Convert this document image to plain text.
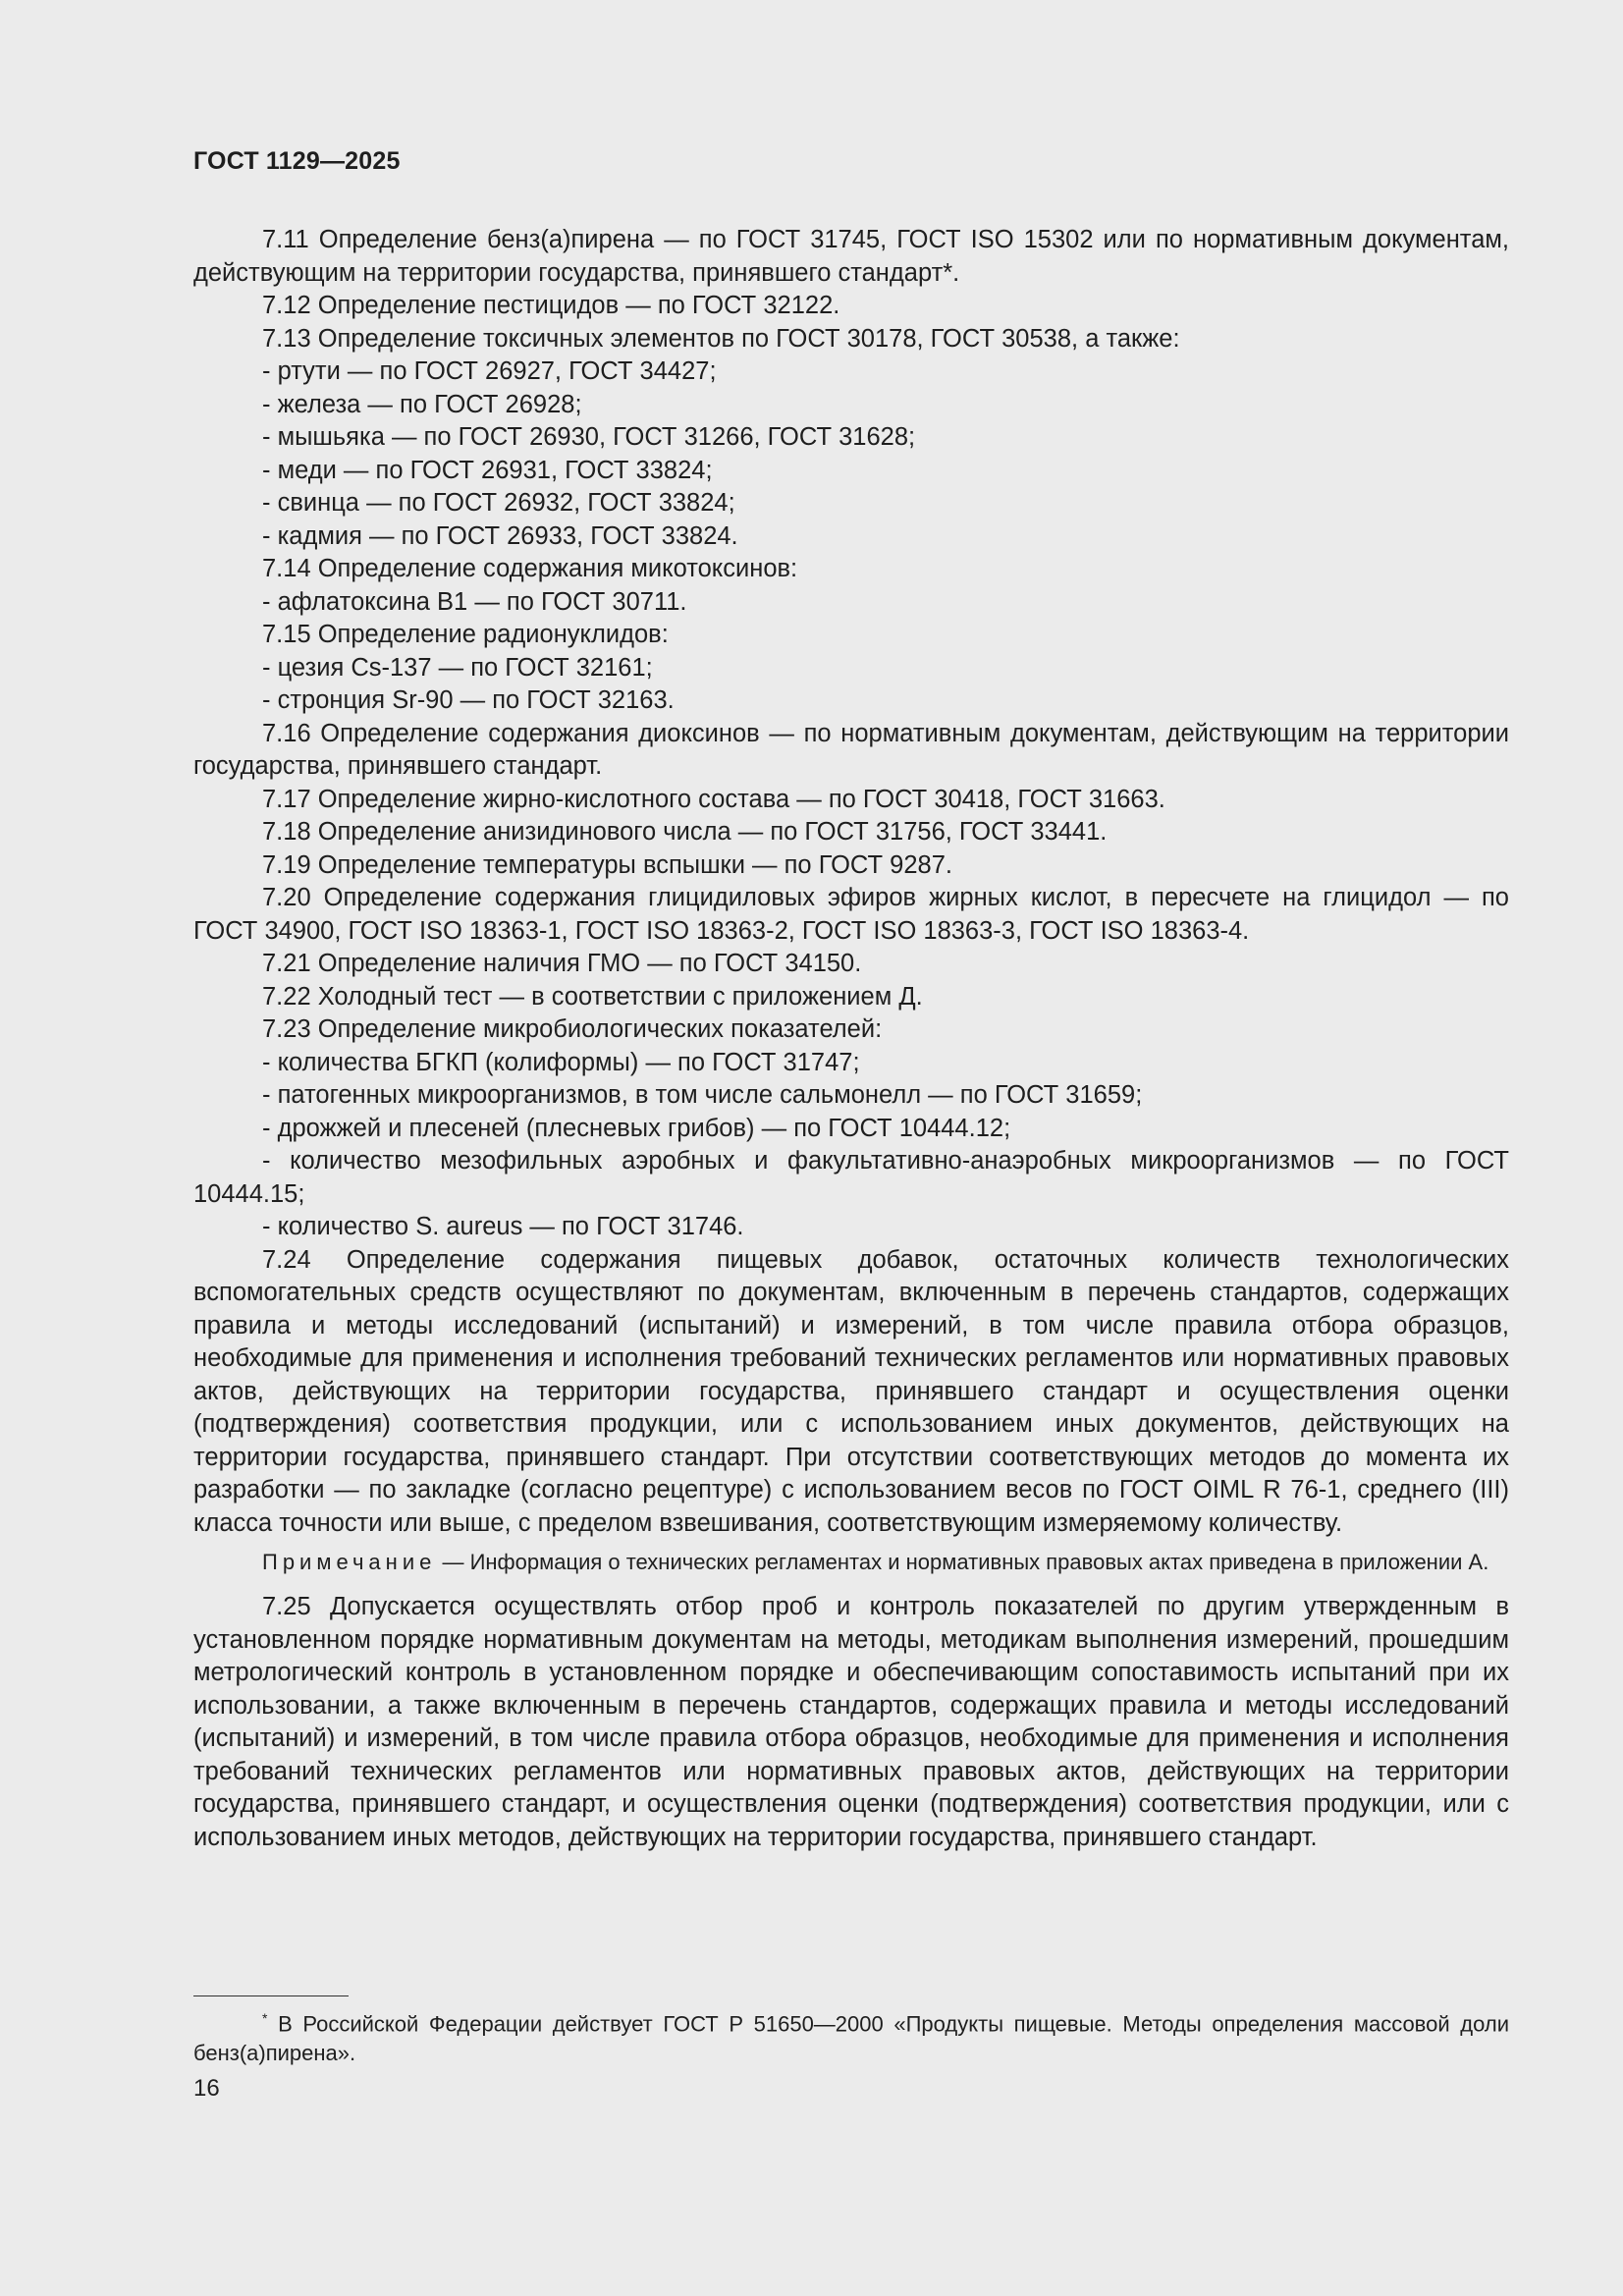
ГОСТ 1129—2025

7.11 Определение бенз(а)пирена — по ГОСТ 31745, ГОСТ ISO 15302 или по нормативным документам, действующим на территории государства, принявшего стандарт*.

7.12 Определение пестицидов — по ГОСТ 32122.

7.13 Определение токсичных элементов по ГОСТ 30178, ГОСТ 30538, а также:

- ртути — по ГОСТ 26927, ГОСТ 34427;

- железа — по ГОСТ 26928;

- мышьяка — по ГОСТ 26930, ГОСТ 31266, ГОСТ 31628;

- меди — по ГОСТ 26931, ГОСТ 33824;

- свинца — по ГОСТ 26932, ГОСТ 33824;

- кадмия — по ГОСТ 26933, ГОСТ 33824.

7.14 Определение содержания микотоксинов:

- афлатоксина В1 — по ГОСТ 30711.

7.15 Определение радионуклидов:

- цезия Cs-137 — по ГОСТ 32161;

- стронция Sr-90 — по ГОСТ 32163.

7.16 Определение содержания диоксинов — по нормативным документам, действующим на территории государства, принявшего стандарт.

7.17 Определение жирно-кислотного состава — по ГОСТ 30418, ГОСТ 31663.

7.18 Определение анизидинового числа — по ГОСТ 31756, ГОСТ 33441.

7.19 Определение температуры вспышки — по ГОСТ 9287.

7.20 Определение содержания глицидиловых эфиров жирных кислот, в пересчете на глицидол — по ГОСТ 34900, ГОСТ ISO 18363-1, ГОСТ ISO 18363-2, ГОСТ ISO 18363-3, ГОСТ ISO 18363-4.

7.21 Определение наличия ГМО — по ГОСТ 34150.

7.22 Холодный тест — в соответствии с приложением Д.

7.23 Определение микробиологических показателей:

- количества БГКП (колиформы) — по ГОСТ 31747;

- патогенных микроорганизмов, в том числе сальмонелл — по ГОСТ 31659;

- дрожжей и плесеней (плесневых грибов) — по ГОСТ 10444.12;

- количество мезофильных аэробных и факультативно-анаэробных микроорганизмов — по ГОСТ 10444.15;

- количество S. aureus — по ГОСТ 31746.

7.24 Определение содержания пищевых добавок, остаточных количеств технологических вспомогательных средств осуществляют по документам, включенным в перечень стандартов, содержащих правила и методы исследований (испытаний) и измерений, в том числе правила отбора образцов, необходимые для применения и исполнения требований технических регламентов или нормативных правовых актов, действующих на территории государства, принявшего стандарт и осуществления оценки (подтверждения) соответствия продукции, или с использованием иных документов, действующих на территории государства, принявшего стандарт. При отсутствии соответствующих методов до момента их разработки — по закладке (согласно рецептуре) с использованием весов по ГОСТ OIML R 76-1, среднего (III) класса точности или выше, с пределом взвешивания, соответствующим измеряемому количеству.

Примечание — Информация о технических регламентах и нормативных правовых актах приведена в приложении А.

7.25 Допускается осуществлять отбор проб и контроль показателей по другим утвержденным в установленном порядке нормативным документам на методы, методикам выполнения измерений, прошедшим метрологический контроль в установленном порядке и обеспечивающим сопоставимость испытаний при их использовании, а также включенным в перечень стандартов, содержащих правила и методы исследований (испытаний) и измерений, в том числе правила отбора образцов, необходимые для применения и исполнения требований технических регламентов или нормативных правовых актов, действующих на территории государства, принявшего стандарт, и осуществления оценки (подтверждения) соответствия продукции, или с использованием иных методов, действующих на территории государства, принявшего стандарт.

* В Российской Федерации действует ГОСТ Р 51650—2000 «Продукты пищевые. Методы определения массовой доли бенз(а)пирена».

16
